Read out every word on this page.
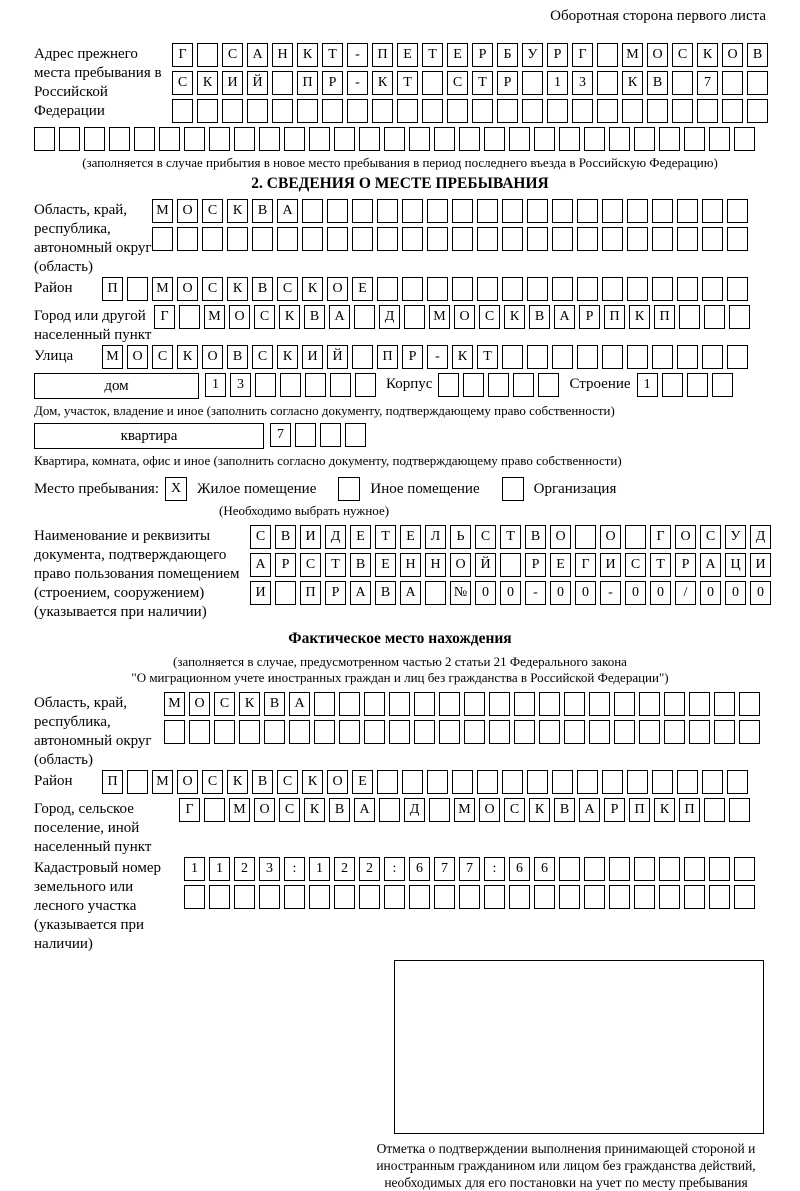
Оборотная сторона первого листа
Адрес прежнего места пребывания в Российской Федерации
Г	С	А	Н	К	Т	-	П	Е	Т	Е	Р	Б	У	Р	Г	М О	С	К	О	В
С	К	И	Й	П	Р	-	К	Т	С	Т	Р	1	3	К	В	7
(заполняется в случае прибытия в новое место пребывания в период последнего въезда в Российскую Федерацию)
2. СВЕДЕНИЯ О МЕСТЕ ПРЕБЫВАНИЯ
Область, край, республика, автономный округ (область)
М О	С	К	В	А
Район	П	М О	С	К	В	С	К	О	Е
Город или другой населенный пункт
Г	М О	С	К	В	А	Д	М О	С	К	В	А	Р	П	К	П
Улица	М О	С	К	О	В	С	К	И	Й	П	Р	-	К	Т
дом	1	3	Корпус	Строение 1
Дом, участок, владение и иное (заполнить согласно документу, подтверждающему право собственности)
квартира	7
Квартира, комната, офис и иное (заполнить согласно документу, подтверждающему право собственности)
Место пребывания: X	Жилое помещение	Иное помещение	Организация
(Необходимо выбрать нужное)
Наименование и реквизиты документа, подтверждающего право пользования помещением (строением, сооружением) (указывается при наличии)
С	В	И	Д	Е	Т	Е	Л	Ь	С	Т	В	О	О	Г	О	С	У	Д
А	Р	С	Т	В	Е	Н	Н	О	Й	Р	Е	Г	И	С	Т	Р	А	Ц	И
И	П	Р	А	В	А	№	0	0	-	0	0	-	0	0	/	0	0	0
Фактическое место нахождения
(заполняется в случае, предусмотренном частью 2 статьи 21 Федерального закона
"О миграционном учете иностранных граждан и лиц без гражданства в Российской Федерации")
Область, край, республика, автономный округ (область)
М О	С	К	В	А
Район	П	М О	С	К	В	С	К	О	Е
Город, сельское поселение, иной населенный пункт
Г	М О	С	К	В	А	Д	М О	С	К	В	А	Р	П	К	П
Кадастровый номер земельного или лесного участка (указывается при наличии)
1	1	2	3	:	1	2	2	:	6	7	7	:	6	6
Отметка о подтверждении выполнения принимающей стороной и иностранным гражданином или лицом без гражданства действий, необходимых для его постановки на учет по месту пребывания
